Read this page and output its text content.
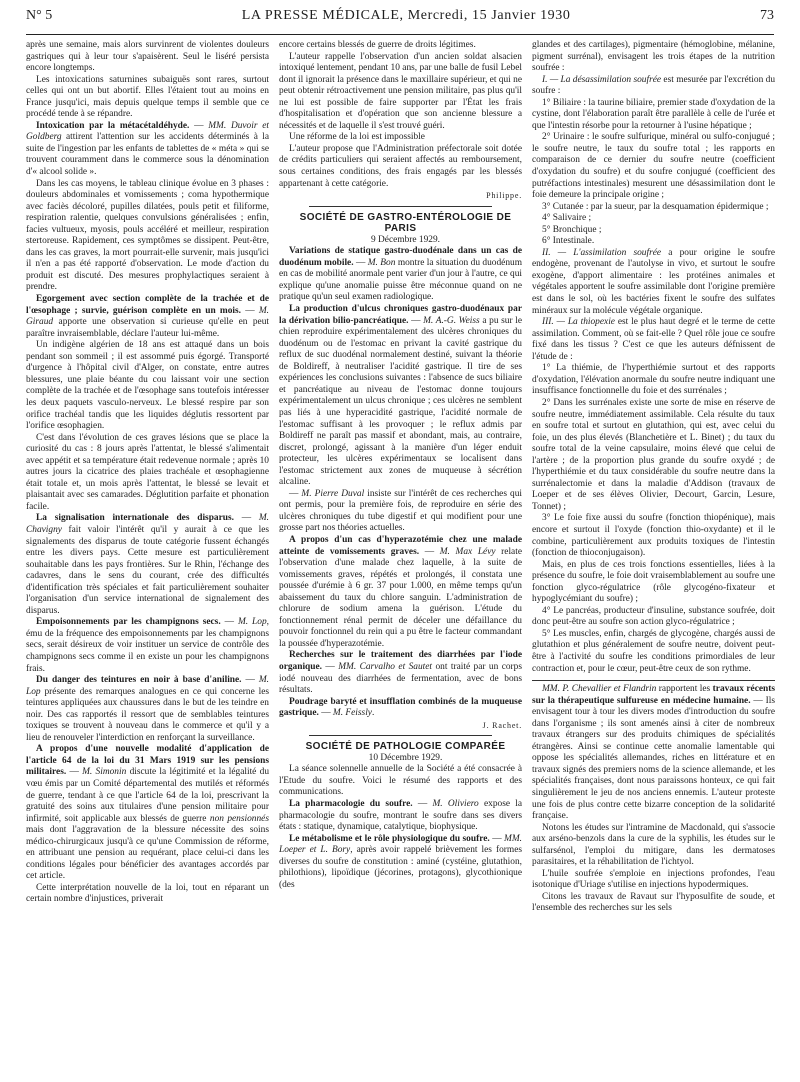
N° 5	LA PRESSE MÉDICALE, Mercredi, 15 Janvier 1930	73

après une semaine, mais alors survinrent de violentes douleurs gastriques qui à leur tour s'apaisèrent. Seul le liséré persista encore longtemps.

Les intoxications saturnines subaiguës sont rares, surtout celles qui ont un but abortif. Elles l'étaient tout au moins en France jusqu'ici, mais depuis quelque temps il semble que ce procédé tende à se répandre.

Intoxication par la métacétaldéhyde. — MM. Duvoir et Goldberg attirent l'attention sur les accidents déterminés à la suite de l'ingestion par les enfants de tablettes de « méta » qui se trouvent couramment dans le commerce sous la dénomination d'« alcool solide ».

Dans les cas moyens, le tableau clinique évolue en 3 phases : douleurs abdominales et vomissements ; coma hypothermique avec faciès décoloré, pupilles dilatées, pouls petit et filiforme, respiration ralentie, quelques convulsions généralisées ; enfin, facies vultueux, myosis, pouls accéléré et meilleur, respiration stertoreuse. Rapidement, ces symptômes se dissipent. Peut-être, dans les cas graves, la mort pourrait-elle survenir, mais jusqu'ici il n'en a pas été rapporté d'observation. Le mode d'action du produit est discuté. Des mesures prophylactiques seraient à prendre.

Egorgement avec section complète de la trachée et de l'œsophage ; survie, guérison complète en un mois. — M. Giraud apporte une observation si curieuse qu'elle en peut paraître invraisemblable, déclare l'auteur lui-même.

Un indigène algérien de 18 ans est attaqué dans un bois pendant son sommeil ; il est assommé puis égorgé. Transporté d'urgence à l'hôpital civil d'Alger, on constate, entre autres blessures, une plaie béante du cou laissant voir une section complète de la trachée et de l'œsophage sans toutefois intéresser les deux paquets vasculo-nerveux. Le blessé respire par son orifice trachéal tandis que les liquides déglutis ressortent par l'orifice œsophagien.

C'est dans l'évolution de ces graves lésions que se place la curiosité du cas : 8 jours après l'attentat, le blessé s'alimentait avec appétit et sa température était redevenue normale ; après 10 autres jours la cicatrice des plaies trachéale et œsophagienne était totale et, un mois après l'attentat, le blessé se levait et plaisantait avec ses camarades. Déglutition parfaite et phonation facile.

La signalisation internationale des disparus. — M. Chavigny fait valoir l'intérêt qu'il y aurait à ce que les signalements des disparus de toute catégorie fussent échangés entre les divers pays. Cette mesure est particulièrement souhaitable dans les pays frontières. Sur le Rhin, l'échange des cadavres, dans le sens du courant, crée des difficultés d'identification très spéciales et fait particulièrement souhaiter l'organisation d'un service international de signalement des disparus.

Empoisonnements par les champignons secs. — M. Lop, ému de la fréquence des empoisonnements par les champignons secs, serait désireux de voir instituer un service de contrôle des champignons secs comme il en existe un pour les champignons frais.

Du danger des teintures en noir à base d'aniline. — M. Lop présente des remarques analogues en ce qui concerne les teintures appliquées aux chaussures dans le but de les teindre en noir. Des cas rapportés il ressort que de semblables teintures toxiques se trouvent à nouveau dans le commerce et qu'il y a lieu de renouveler l'interdiction en renforçant la surveillance.

A propos d'une nouvelle modalité d'application de l'article 64 de la loi du 31 Mars 1919 sur les pensions militaires. — M. Simonin discute la légitimité et la légalité du vœu émis par un Comité départemental des mutilés et réformés de guerre, tendant à ce que l'article 64 de la loi, prescrivant la gratuité des soins aux titulaires d'une pension militaire pour infirmité, soit applicable aux blessés de guerre non pensionnés mais dont l'aggravation de la blessure nécessite des soins médico-chirurgicaux jusqu'à ce qu'une Commission de réforme, en attribuant une pension au requérant, place celui-ci dans les conditions légales pour bénéficier des avantages accordés par cet article.

Cette interprétation nouvelle de la loi, tout en réparant un certain nombre d'injustices, priverait

encore certains blessés de guerre de droits légitimes.

L'auteur rappelle l'observation d'un ancien soldat alsacien intoxiqué lentement, pendant 10 ans, par une balle de fusil Lebel dont il ignorait la présence dans le maxillaire supérieur, et qui ne peut obtenir rétroactivement une pension militaire, pas plus qu'il ne lui est possible de faire supporter par l'État les frais d'hospitalisation et d'opération que son ancienne blessure a nécessités et de laquelle il s'est trouvé guéri.

Une réforme de la loi est impossible

L'auteur propose que l'Administration préfectorale soit dotée de crédits particuliers qui seraient affectés au remboursement, sous certaines conditions, des frais engagés par les blessés appartenant à cette catégorie.

Philippe.

SOCIÉTÉ DE GASTRO-ENTÉROLOGIE DE PARIS

9 Décembre 1929.

Variations de statique gastro-duodénale dans un cas de duodénum mobile. — M. Bon montre la situation du duodénum en cas de mobilité anormale pent varier d'un jour à l'autre, ce qui explique qu'une anomalie puisse être méconnue quand on ne pratique qu'un seul examen radiologique.

La production d'ulcus chroniques gastro-duodénaux par la dérivation bilio-pancréatique. — M. A.-G. Weiss a pu sur le chien reproduire expérimentalement des ulcères chroniques du duodénum ou de l'estomac en privant la cavité gastrique du reflux de suc duodénal normalement destiné, suivant la théorie de Boldireff, à neutraliser l'acidité gastrique. Il tire de ses expériences les conclusions suivantes : l'absence de sucs biliaire et pancréatique au niveau de l'estomac donne toujours expérimentalement un ulcus chronique ; ces ulcères ne semblent pas liés à une hyperacidité gastrique, l'acidité normale de l'estomac suffisant à les provoquer ; le reflux admis par Boldireff ne paraît pas massif et abondant, mais, au contraire, discret, prolongé, agissant à la manière d'un léger enduit protecteur, les ulcères expérimentaux se localisent dans l'estomac strictement aux zones de muqueuse à sécrétion alcaline.

— M. Pierre Duval insiste sur l'intérêt de ces recherches qui ont permis, pour la première fois, de reproduire en série des ulcères chroniques du tube digestif et qui modifient pour une grosse part nos théories actuelles.

A propos d'un cas d'hyperazotémie chez une malade atteinte de vomissements graves. — M. Max Lévy relate l'observation d'une malade chez laquelle, à la suite de vomissements graves, répétés et prolongés, il constata une poussée d'urémie à 6 gr. 37 pour 1.000, en même temps qu'un abaissement du taux du chlore sanguin. L'administration de chlorure de sodium amena la guérison. L'étude du fonctionnement rénal permit de déceler une défaillance du pouvoir fonctionnel du rein qui a pu être le facteur commandant la poussée d'hyperazotémie.

Recherches sur le traitement des diarrhées par l'iode organique. — MM. Carvalho et Sautet ont traité par un corps iodé nouveau des diarrhées de fermentation, avec de bons résultats.

Poudrage baryté et insufflation combinés de la muqueuse gastrique. — M. Feissly.

J. Rachet.

SOCIÉTÉ DE PATHOLOGIE COMPARÉE

10 Décembre 1929.

La séance solennelle annuelle de la Société a été consacrée à l'Etude du soufre. Voici le résumé des rapports et des communications.

La pharmacologie du soufre. — M. Oliviero expose la pharmacologie du soufre, montrant le soufre dans ses divers états : statique, dynamique, catalytique, biophysique.

Le métabolisme et le rôle physiologique du soufre. — MM. Loeper et L. Bory, après avoir rappelé brièvement les formes diverses du soufre de constitution : aminé (cystéine, glutathion, philothions), lipoïdique (jécorines, protagons), glycothionique (des

glandes et des cartilages), pigmentaire (hémoglobine, mélanine, pigment surrénal), envisagent les trois étapes de la nutrition soufrée :

I. — La désassimilation soufrée est mesurée par l'excrétion du soufre :

1° Biliaire : la taurine biliaire, premier stade d'oxydation de la cystine, dont l'élaboration paraît être parallèle à celle de l'urée et que l'intestin résorbe pour la retourner à l'usine hépatique ;

2° Urinaire : le soufre sulfurique, minéral ou sulfo-conjugué ; le soufre neutre, le taux du soufre total ; les rapports en comparaison de ce dernier du soufre neutre (coefficient d'oxydation du soufre) et du soufre conjugué (coefficient des putréfactions intestinales) mesurent une désassimilation dont le foie demeure la principale origine ;

3° Cutanée : par la sueur, par la desquamation épidermique ;

4° Salivaire ;

5° Bronchique ;

6° Intestinale.

II. — L'assimilation soufrée a pour origine le soufre endogène, provenant de l'autolyse in vivo, et surtout le soufre exogène, d'apport alimentaire : les protéines animales et végétales apportent le soufre assimilable dont l'origine première est dans le sol, où les bactéries fixent le soufre des sulfates minéraux sur la molécule végétale organique.

III. — La thiopexie est le plus haut degré et le terme de cette assimilation. Comment, où se fait-elle ? Quel rôle joue ce soufre fixé dans les tissus ? C'est ce que les auteurs défnissent de l'étude de :

1° La thiémie, de l'hyperthiémie surtout et des rapports d'oxydation, l'élévation anormale du soufre neutre indiquant une insuffisance fonctionnelle du foie et des surrénales ;

2° Dans les surrénales existe une sorte de mise en réserve de soufre neutre, immédiatement assimilable. Cela résulte du taux en soufre total et surtout en glutathion, qui est, avec celui du foie, un des plus élevés (Blanchetière et L. Binet) ; du taux du soufre total de la veine capsulaire, moins élevé que celui de l'artère ; de la proportion plus grande du soufre oxydé ; de l'hyperthiémie et du taux considérable du soufre neutre dans la surrénalectomie et dans la maladie d'Addison (travaux de Loeper et de ses élèves Olivier, Decourt, Garcin, Lesure, Tonnet) ;

3° Le foie fixe aussi du soufre (fonction thiopénique), mais encore et surtout il l'oxyde (fonction thio-oxydante) et il le combine, particulièrement aux produits toxiques de l'intestin (fonction de thioconjugaison).

Mais, en plus de ces trois fonctions essentielles, liées à la présence du soufre, le foie doit vraisemblablement au soufre une fonction glyco-régulatrice (rôle glycogéno-fixateur et hypoglycémiant du soufre) ;

4° Le pancréas, producteur d'insuline, substance soufrée, doit donc peut-être au soufre son action glyco-régulatrice ;

5° Les muscles, enfin, chargés de glycogène, chargés aussi de glutathion et plus généralement de soufre neutre, doivent peut-être à l'activité du soufre les conditions primordiales de leur contraction et, pour le cœur, peut-être ceux de son rythme.

MM. P. Chevallier et Flandrin rapportent les travaux récents sur la thérapeutique sulfureuse en médecine humaine. — Ils envisagent tour à tour les divers modes d'introduction du soufre dans l'organisme ; ils sont amenés ainsi à citer de nombreux travaux étrangers sur des produits chimiques de spécialités étrangères. Ainsi se continue cette anomalie lamentable qui oppose les spécialités allemandes, riches en littérature et en travaux signés des premiers noms de la science allemande, et les spécialités françaises, dont nous paraissons honteux, ce qui fait singulièrement le jeu de nos anciens ennemis. L'auteur proteste une fois de plus contre cette bizarre conception de la solidarité française.

Notons les études sur l'intramine de Macdonald, qui s'associe aux arséno-benzols dans la cure de la syphilis, les études sur le sulfarsénol, l'emploi du mitigare, dans les dermatoses parasitaires, et la réhabilitation de l'ichtyol.

L'huile soufrée s'emploie en injections profondes, l'eau isotonique d'Uriage s'utilise en injections hypodermiques.

Citons les travaux de Ravaut sur l'hyposulfite de soude, et l'ensemble des recherches sur les sels
